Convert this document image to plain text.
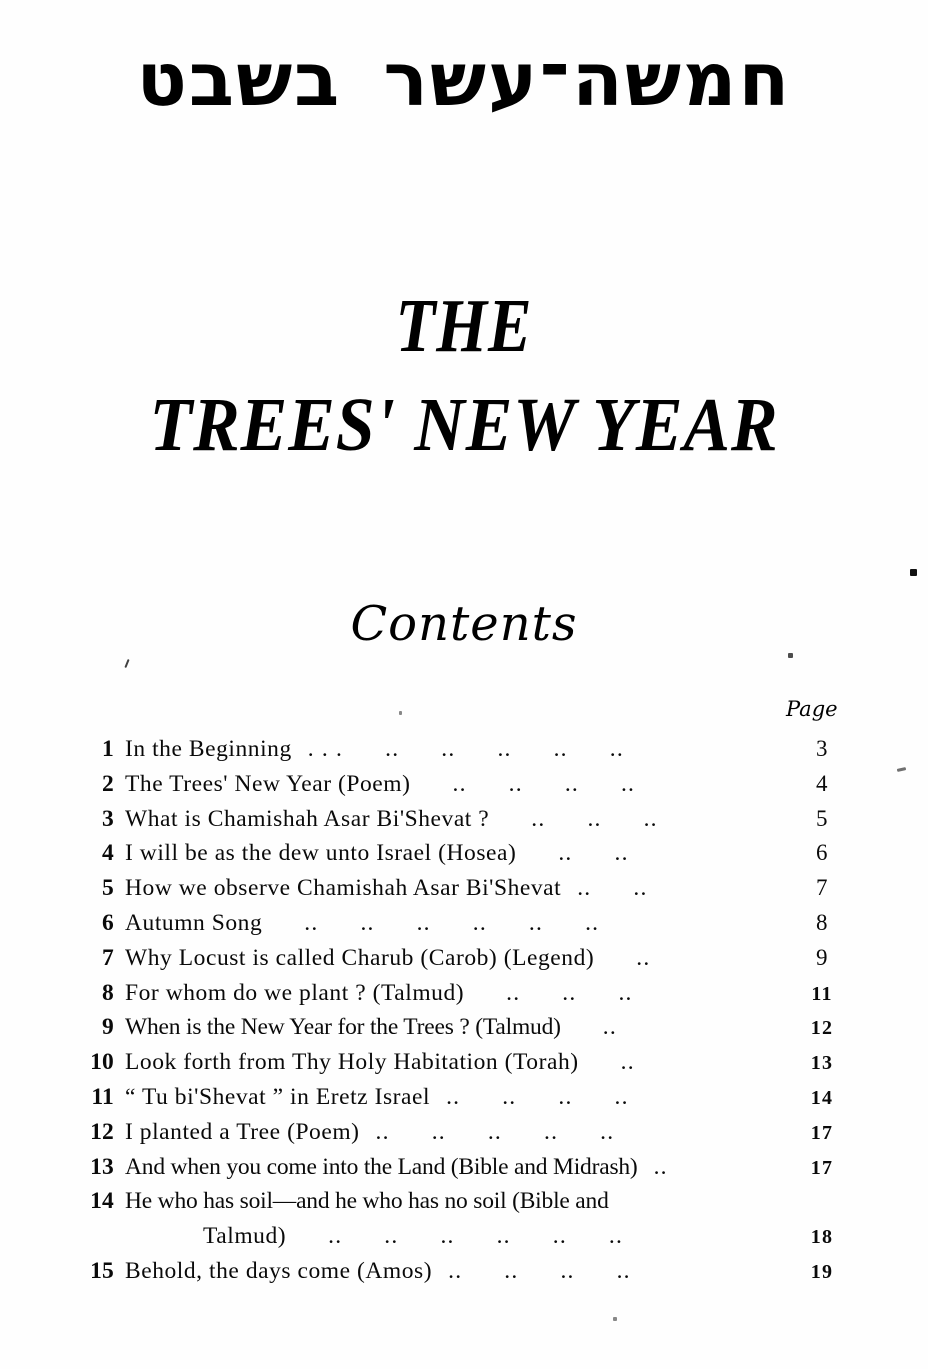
חמשה־עשרבשבט
THE
TREES' NEW YEAR
Contents
Page
1 In the Beginning . . . .. .. .. .. ..	3
2 The Trees' New Year (Poem) .. .. .. ..	4
3 What is Chamishah Asar Bi'Shevat ? .. .. ..	5
4 I will be as the dew unto Israel (Hosea) .. ..	6
5 How we observe Chamishah Asar Bi'Shevat .. ..	7
6 Autumn Song .. .. .. .. .. ..	8
7 Why Locust is called Charub (Carob) (Legend) ..	9
8 For whom do we plant ? (Talmud) .. .. ..	11
9 When is the New Year for the Trees ? (Talmud) ..	12
10 Look forth from Thy Holy Habitation (Torah) ..	13
11 “ Tu bi'Shevat ” in Eretz Israel .. .. .. ..	14
12 I planted a Tree (Poem) .. .. .. .. ..	17
13 And when you come into the Land (Bible and Midrash) ..	17
14 He who has soil—and he who has no soil (Bible and
Talmud) .. .. .. .. .. ..	18
15 Behold, the days come (Amos) .. .. .. ..	19
